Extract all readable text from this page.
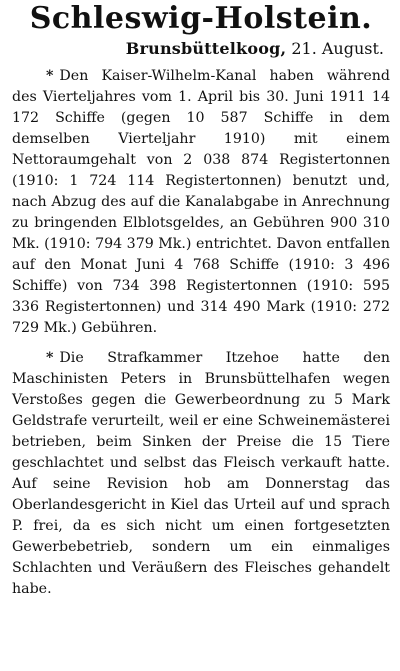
Schleswig-Holstein.
Brunsbüttelkoog, 21. August.

* Den Kaiser-Wilhelm-Kanal haben während des Vierteljahres vom 1. April bis 30. Juni 1911 14 172 Schiffe (gegen 10 587 Schiffe in dem demselben Vierteljahr 1910) mit einem Nettoraumgehalt von 2 038 874 Registertonnen (1910: 1 724 114 Registertonnen) benutzt und, nach Abzug des auf die Kanalabgabe in Anrechnung zu bringenden Elblotsgeldes, an Gebühren 900 310 Mk. (1910: 794 379 Mk.) entrichtet. Davon entfallen auf den Monat Juni 4 768 Schiffe (1910: 3 496 Schiffe) von 734 398 Registertonnen (1910: 595 336 Registertonnen) und 314 490 Mark (1910: 272 729 Mk.) Gebühren.

* Die Strafkammer Itzehoe hatte den Maschinisten Peters in Brunsbüttelhafen wegen Verstoßes gegen die Gewerbeordnung zu 5 Mark Geldstrafe verurteilt, weil er eine Schweinemästerei betrieben, beim Sinken der Preise die 15 Tiere geschlachtet und selbst das Fleisch verkauft hatte. Auf seine Revision hob am Donnerstag das Oberlandesgericht in Kiel das Urteil auf und sprach P. frei, da es sich nicht um einen fortgesetzten Gewerbebetrieb, sondern um ein einmaliges Schlachten und Veräußern des Fleisches gehandelt habe.
